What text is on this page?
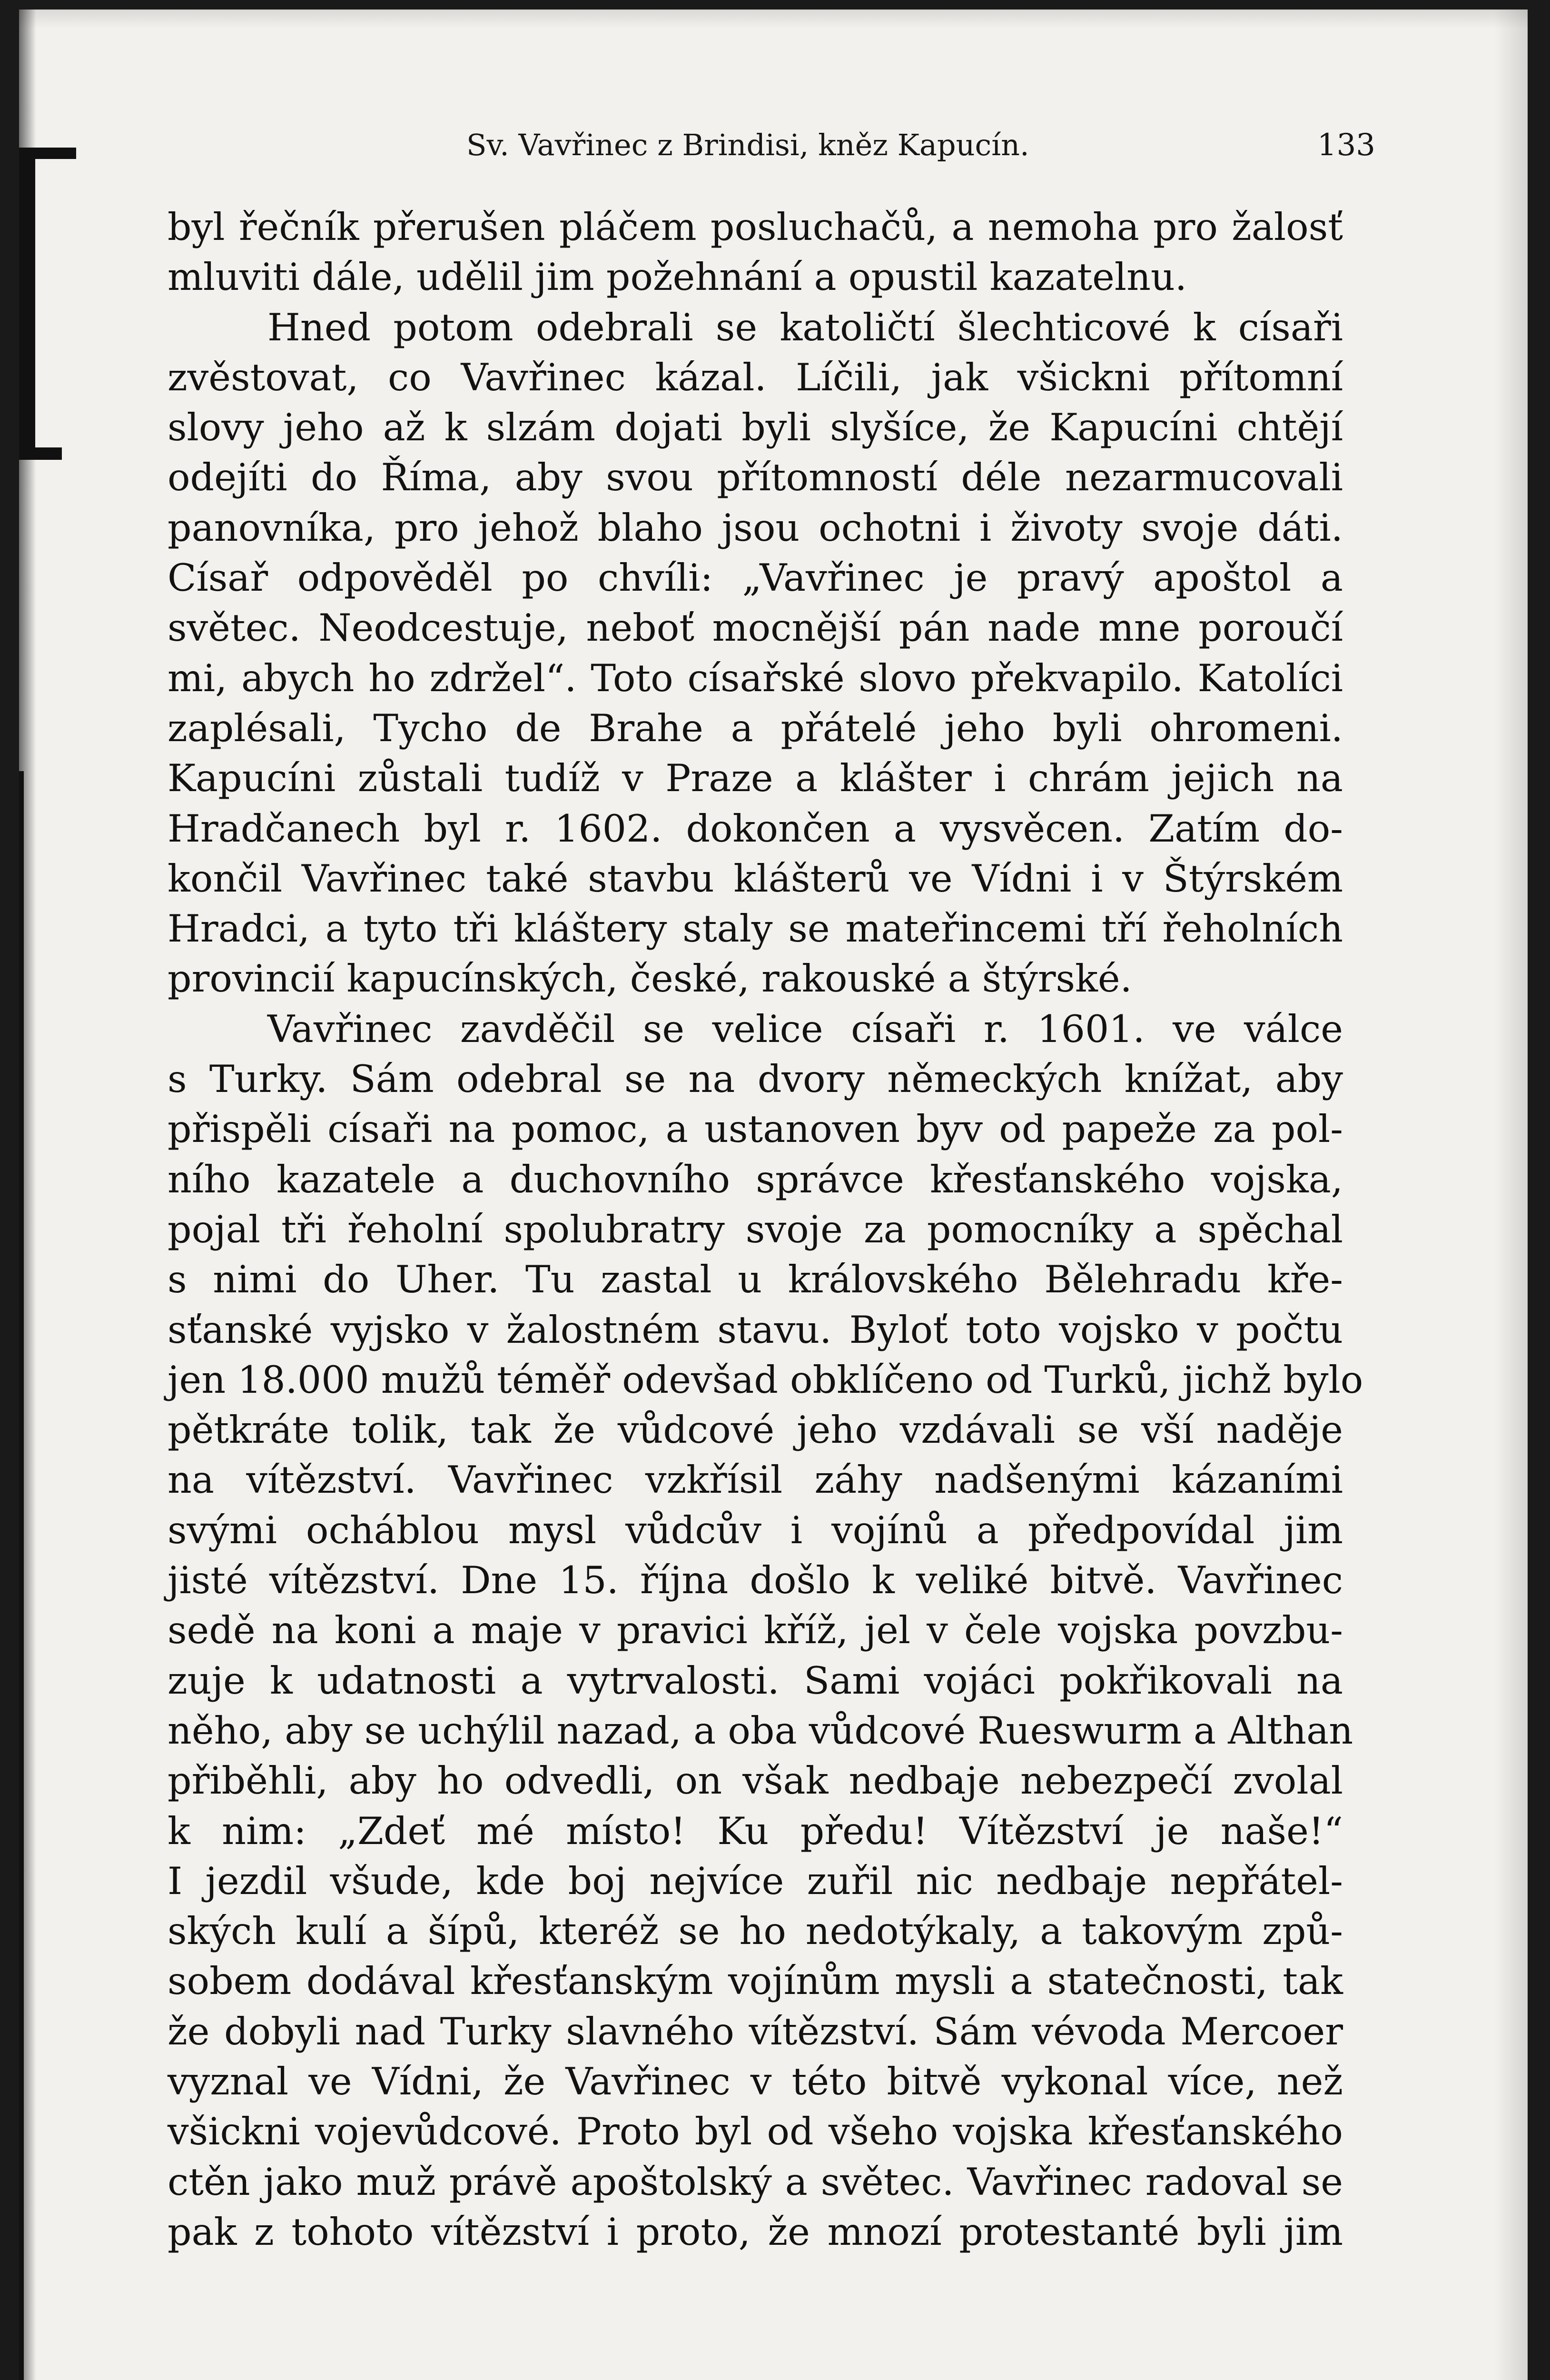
Sv. Vavřinec z Brindisi, kněz Kapucín.	133
byl řečník přerušen pláčem posluchačů, a nemoha pro žalosť
mluviti dále, udělil jim požehnání a opustil kazatelnu.
Hned potom odebrali se katoličtí šlechticové k císaři
zvěstovat, co Vavřinec kázal. Líčili, jak všickni přítomní
slovy jeho až k slzám dojati byli slyšíce, že Kapucíni chtějí
odejíti do Říma, aby svou přítomností déle nezarmucovali
panovníka, pro jehož blaho jsou ochotni i životy svoje dáti.
Císař odpověděl po chvíli: „Vavřinec je pravý apoštol a
světec. Neodcestuje, neboť mocnější pán nade mne poroučí
mi, abych ho zdržel“. Toto císařské slovo překvapilo. Katolíci
zaplésali, Tycho de Brahe a přátelé jeho byli ohromeni.
Kapucíni zůstali tudíž v Praze a klášter i chrám jejich na
Hradčanech byl r. 1602. dokončen a vysvěcen. Zatím do-
končil Vavřinec také stavbu klášterů ve Vídni i v Štýrském
Hradci, a tyto tři kláštery staly se mateřincemi tří řeholních
provincií kapucínských, české, rakouské a štýrské.
Vavřinec zavděčil se velice císaři r. 1601. ve válce
s Turky. Sám odebral se na dvory německých knížat, aby
přispěli císaři na pomoc, a ustanoven byv od papeže za pol-
ního kazatele a duchovního správce křesťanského vojska,
pojal tři řeholní spolubratry svoje za pomocníky a spěchal
s nimi do Uher. Tu zastal u královského Bělehradu kře-
sťanské vyjsko v žalostném stavu. Byloť toto vojsko v počtu
jen 18.000 mužů téměř odevšad obklíčeno od Turků, jichž bylo
pětkráte tolik, tak že vůdcové jeho vzdávali se vší naděje
na vítězství. Vavřinec vzkřísil záhy nadšenými kázaními
svými ocháblou mysl vůdcův i vojínů a předpovídal jim
jisté vítězství. Dne 15. října došlo k veliké bitvě. Vavřinec
sedě na koni a maje v pravici kříž, jel v čele vojska povzbu-
zuje k udatnosti a vytrvalosti. Sami vojáci pokřikovali na
něho, aby se uchýlil nazad, a oba vůdcové Rueswurm a Althan
přiběhli, aby ho odvedli, on však nedbaje nebezpečí zvolal
k nim: „Zdeť mé místo! Ku předu! Vítězství je naše!“
I jezdil všude, kde boj nejvíce zuřil nic nedbaje nepřátel-
ských kulí a šípů, kteréž se ho nedotýkaly, a takovým způ-
sobem dodával křesťanským vojínům mysli a statečnosti, tak
že dobyli nad Turky slavného vítězství. Sám vévoda Mercoer
vyznal ve Vídni, že Vavřinec v této bitvě vykonal více, než
všickni vojevůdcové. Proto byl od všeho vojska křesťanského
ctěn jako muž právě apoštolský a světec. Vavřinec radoval se
pak z tohoto vítězství i proto, že mnozí protestanté byli jim
